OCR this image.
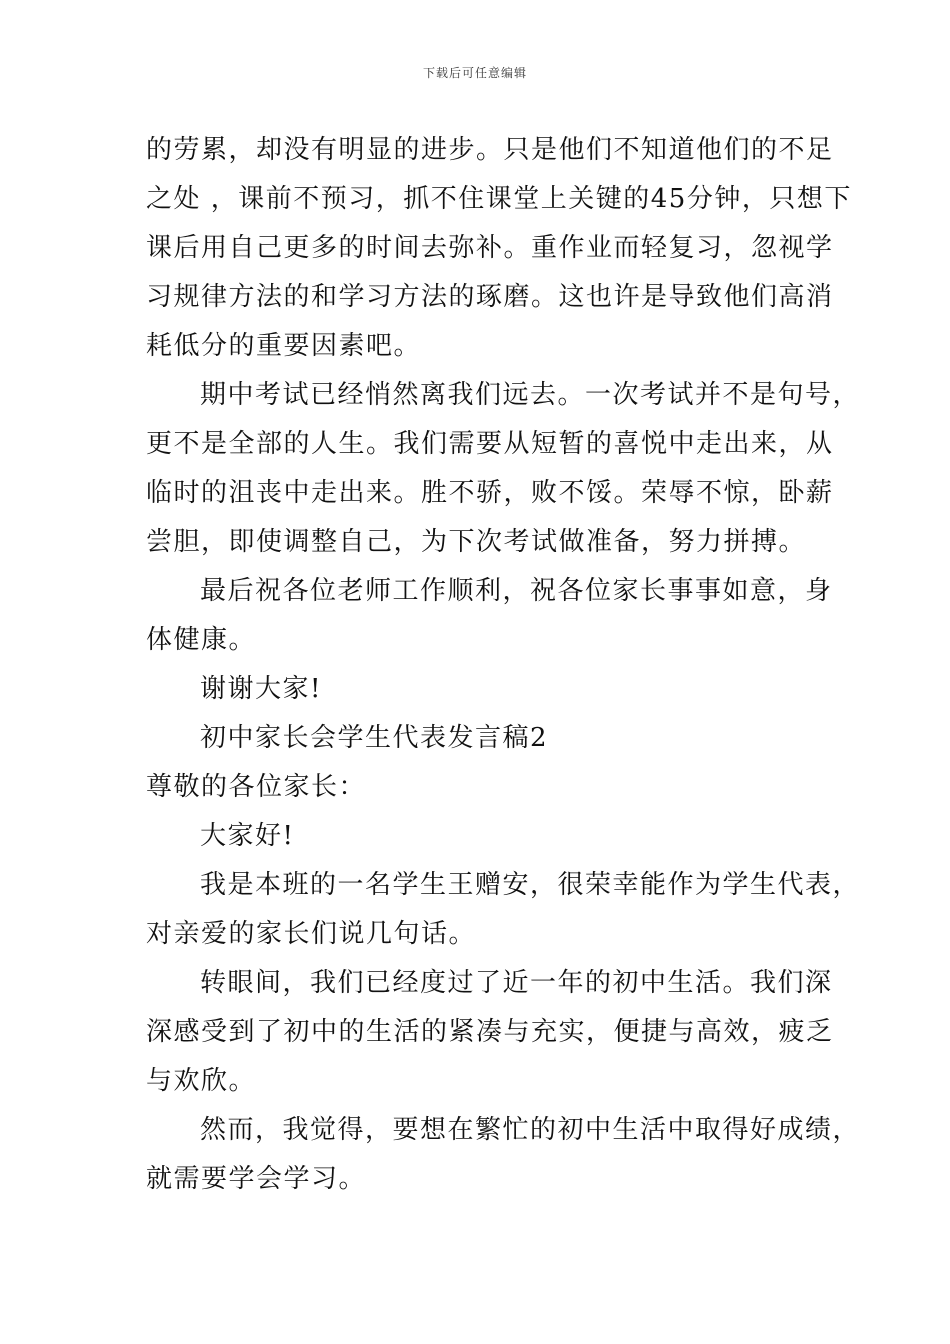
下载后可任意编辑
的劳累，却没有明显的进步。只是他们不知道他们的不足
之处 ，课前不预习，抓不住课堂上关键的45分钟，只想下
课后用自己更多的时间去弥补。重作业而轻复习，忽视学
习规律方法的和学习方法的琢磨。这也许是导致他们高消
耗低分的重要因素吧。
期中考试已经悄然离我们远去。一次考试并不是句号，
更不是全部的人生。我们需要从短暂的喜悦中走出来，从
临时的沮丧中走出来。胜不骄，败不馁。荣辱不惊，卧薪
尝胆，即使调整自己，为下次考试做准备，努力拼搏。
最后祝各位老师工作顺利，祝各位家长事事如意，身
体健康。
谢谢大家!
初中家长会学生代表发言稿2
尊敬的各位家长：
大家好!
我是本班的一名学生王赠安，很荣幸能作为学生代表，
对亲爱的家长们说几句话。
转眼间，我们已经度过了近一年的初中生活。我们深
深感受到了初中的生活的紧凑与充实，便捷与高效，疲乏
与欢欣。
然而，我觉得，要想在繁忙的初中生活中取得好成绩，
就需要学会学习。
